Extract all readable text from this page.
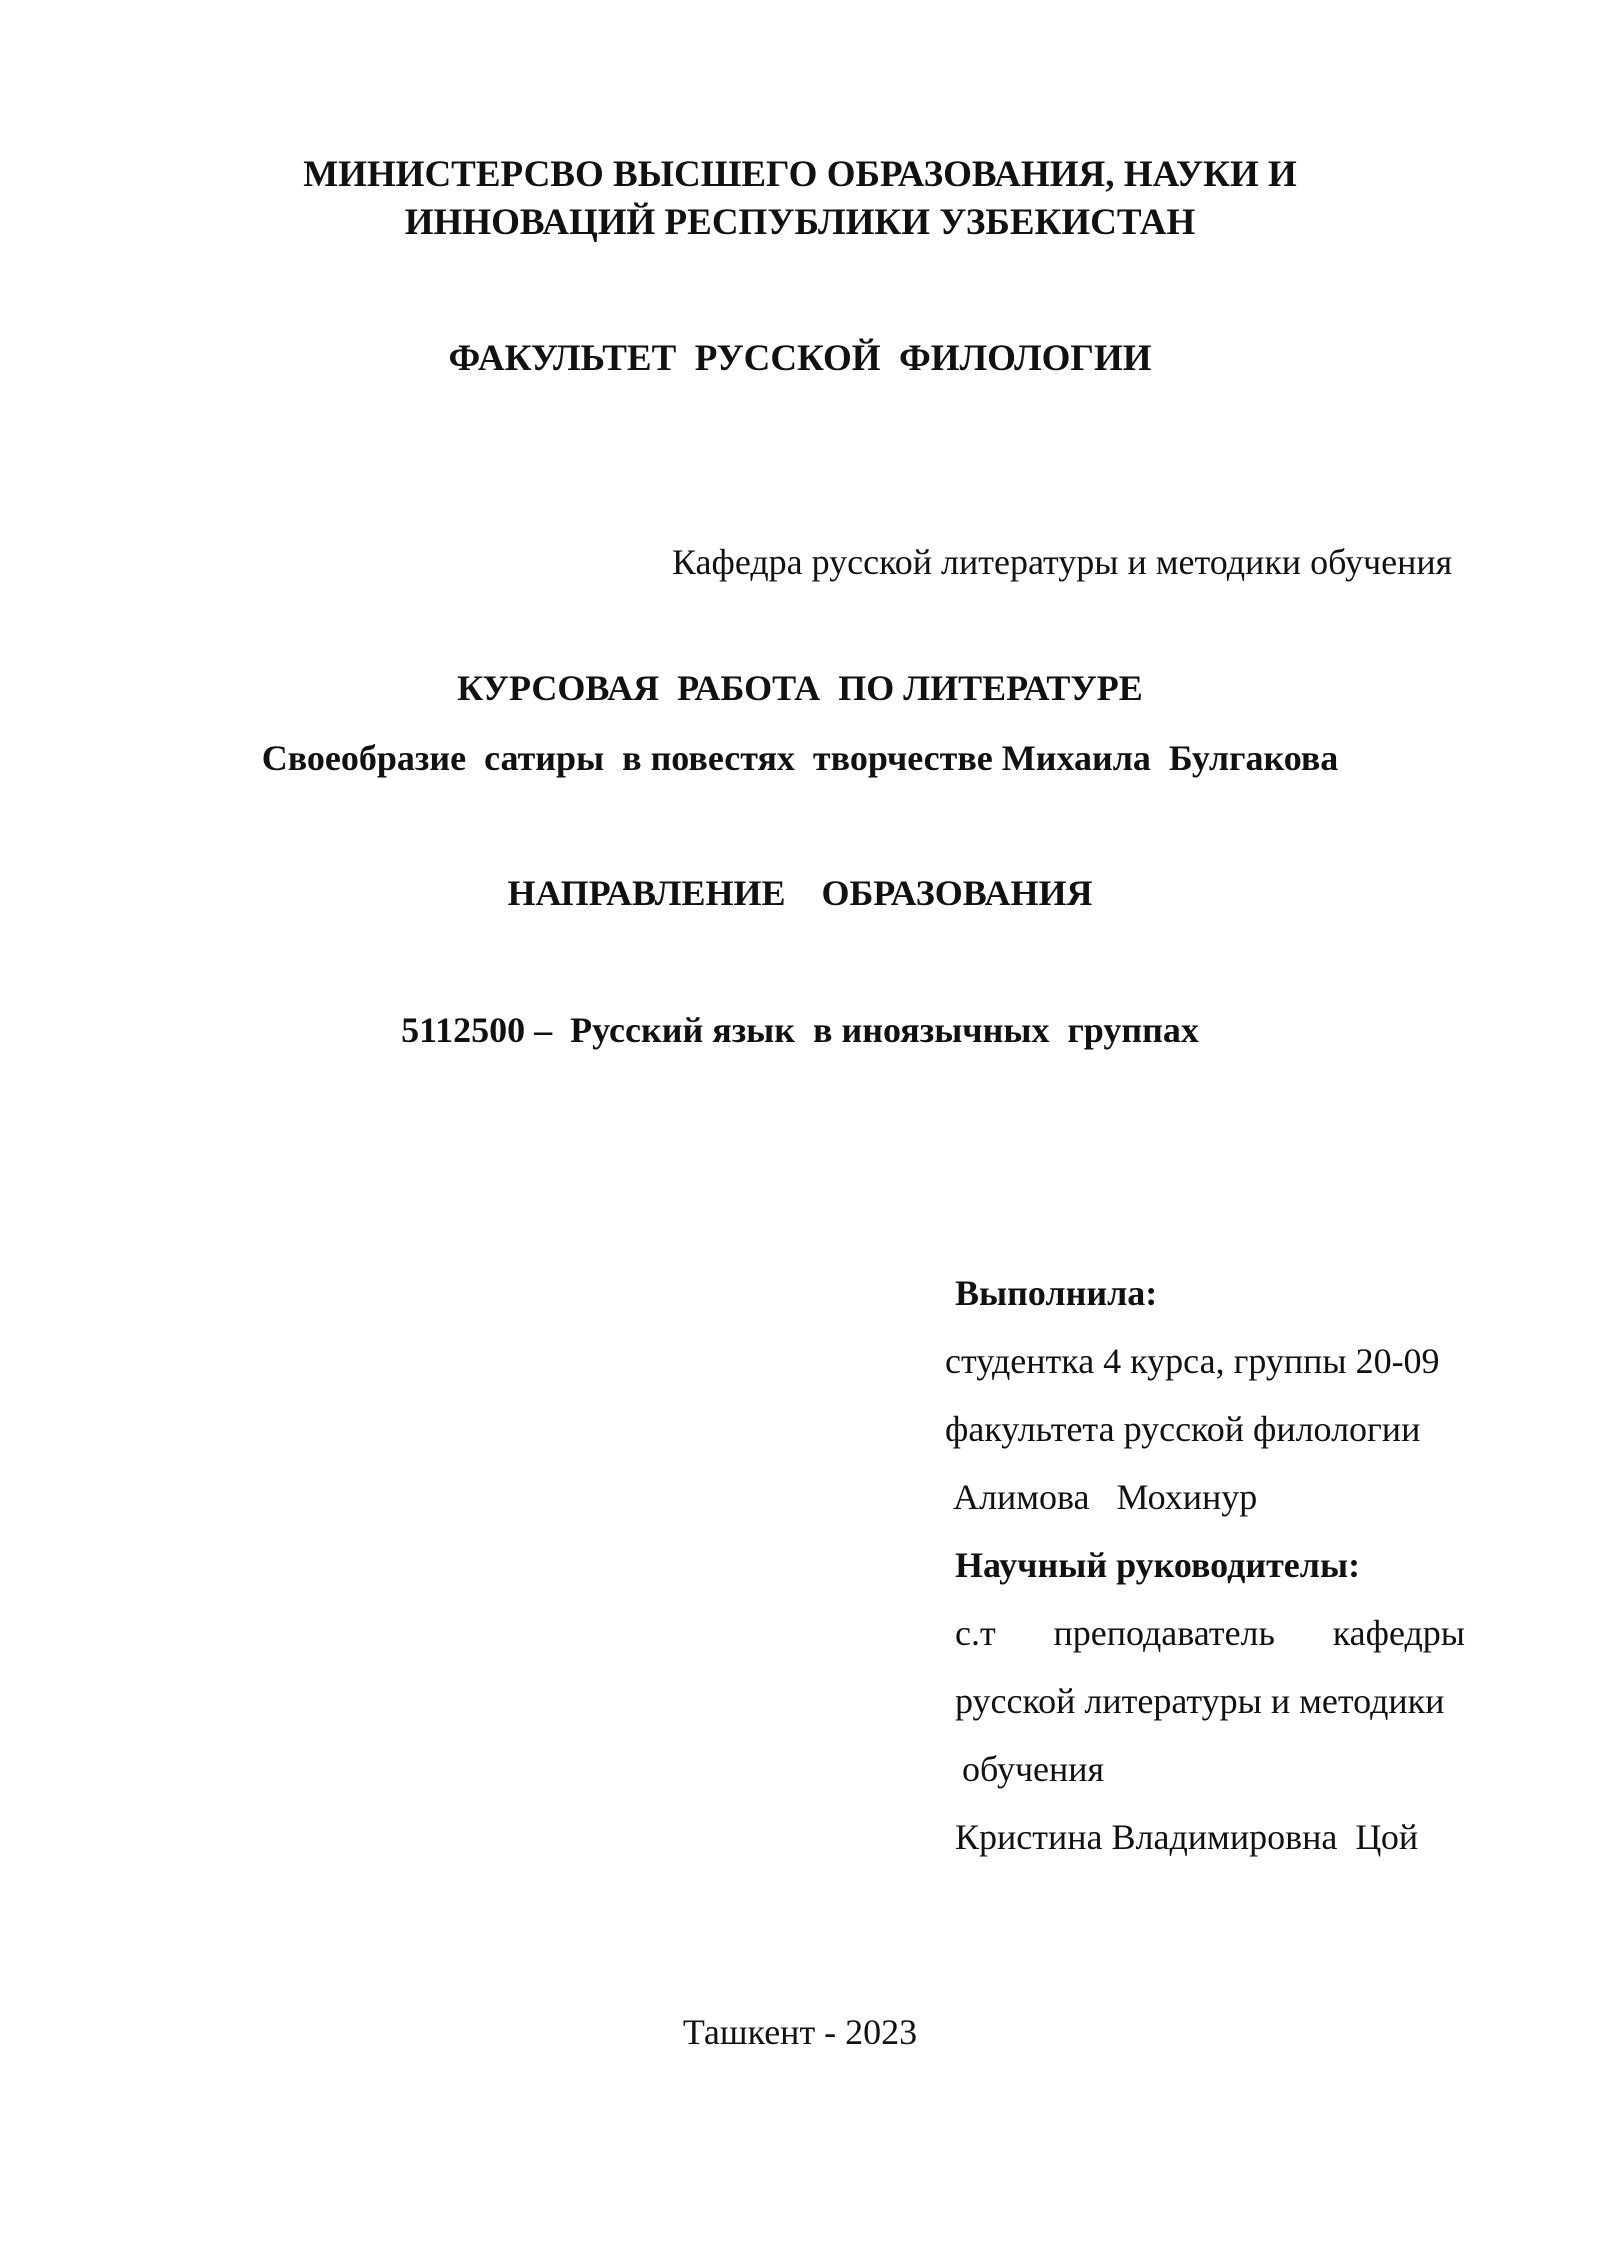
МИНИСТЕРСВО ВЫСШЕГО ОБРАЗОВАНИЯ, НАУКИ И
ИННОВАЦИЙ РЕСПУБЛИКИ УЗБЕКИСТАН
ФАКУЛЬТЕТ  РУССКОЙ  ФИЛОЛОГИИ
Кафедра русской литературы и методики обучения
КУРСОВАЯ  РАБОТА  ПО ЛИТЕРАТУРЕ
Своеобразие  сатиры  в повестях  творчестве Михаила  Булгакова
НАПРАВЛЕНИЕ    ОБРАЗОВАНИЯ
5112500 –  Русский язык  в иноязычных  группах
Выполнила:
студентка 4 курса, группы 20-09
факультета русской филологии
Алимова   Мохинур
Научный руководителы:
с.т преподаватель кафедры
русской литературы и методики
обучения
Кристина Владимировна  Цой
Ташкент - 2023
